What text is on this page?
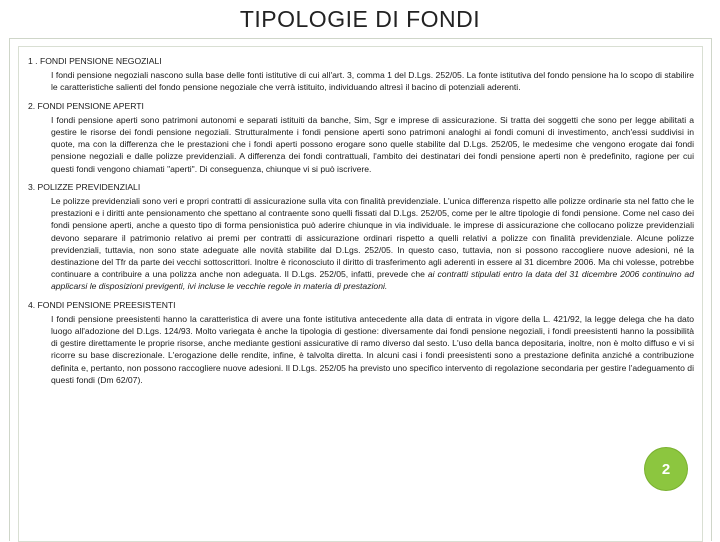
TIPOLOGIE DI FONDI
1 . FONDI PENSIONE NEGOZIALI
I fondi pensione negoziali nascono sulla base delle fonti istitutive di cui all'art. 3, comma 1 del D.Lgs. 252/05. La fonte istitutiva del fondo pensione ha lo scopo di stabilire le caratteristiche salienti del fondo pensione negoziale che verrà istituito, individuando altresì il bacino di potenziali aderenti.
2. FONDI PENSIONE APERTI
I fondi pensione aperti sono patrimoni autonomi e separati istituiti da banche, Sim, Sgr e imprese di assicurazione. Si tratta dei soggetti che sono per legge abilitati a gestire le risorse dei fondi pensione negoziali. Strutturalmente i fondi pensione aperti sono patrimoni analoghi ai fondi comuni di investimento, anch'essi suddivisi in quote, ma con la differenza che le prestazioni che i fondi aperti possono erogare sono quelle stabilite dal D.Lgs. 252/05, le medesime che vengono erogate dai fondi pensione negoziali e dalle polizze previdenziali. A differenza dei fondi contrattuali, l'ambito dei destinatari dei fondi pensione aperti non è predefinito, ragione per cui questi fondi vengono chiamati "aperti". Di conseguenza, chiunque vi si può iscrivere.
3. POLIZZE PREVIDENZIALI
Le polizze previdenziali sono veri e propri contratti di assicurazione sulla vita con finalità previdenziale. L'unica differenza rispetto alle polizze ordinarie sta nel fatto che le prestazioni e i diritti ante pensionamento che spettano al contraente sono quelli fissati dal D.Lgs. 252/05, come per le altre tipologie di fondi pensione. Come nel caso dei fondi pensione aperti, anche a questo tipo di forma pensionistica può aderire chiunque in via individuale. le imprese di assicurazione che collocano polizze previdenziali devono separare il patrimonio relativo ai premi per contratti di assicurazione ordinari rispetto a quelli relativi a polizze con finalità previdenziale. Alcune polizze previdenziali, tuttavia, non sono state adeguate alle novità stabilite dal D.Lgs. 252/05. In questo caso, tuttavia, non si possono raccogliere nuove adesioni, né la destinazione del Tfr da parte dei vecchi sottoscrittori. Inoltre è riconosciuto il diritto di trasferimento agli aderenti in essere al 31 dicembre 2006. Ma chi volesse, potrebbe continuare a contribuire a una polizza anche non adeguata. Il D.Lgs. 252/05, infatti, prevede che ai contratti stipulati entro la data del 31 dicembre 2006 continuino ad applicarsi le disposizioni previgenti, ivi incluse le vecchie regole in materia di prestazioni.
4. FONDI PENSIONE PREESISTENTI
I fondi pensione preesistenti hanno la caratteristica di avere una fonte istitutiva antecedente alla data di entrata in vigore della L. 421/92, la legge delega che ha dato luogo all'adozione del D.Lgs. 124/93. Molto variegata è anche la tipologia di gestione: diversamente dai fondi pensione negoziali, i fondi preesistenti hanno la possibilità di gestire direttamente le proprie risorse, anche mediante gestioni assicurative di ramo diverso dal sesto. L'uso della banca depositaria, inoltre, non è molto diffuso e vi si ricorre su base discrezionale. L'erogazione delle rendite, infine, è talvolta diretta. In alcuni casi i fondi preesistenti sono a prestazione definita anziché a contribuzione definita e, pertanto, non possono raccogliere nuove adesioni. Il D.Lgs. 252/05 ha previsto uno specifico intervento di regolazione secondaria per gestire l'adeguamento di questi fondi (Dm 62/07).
2
